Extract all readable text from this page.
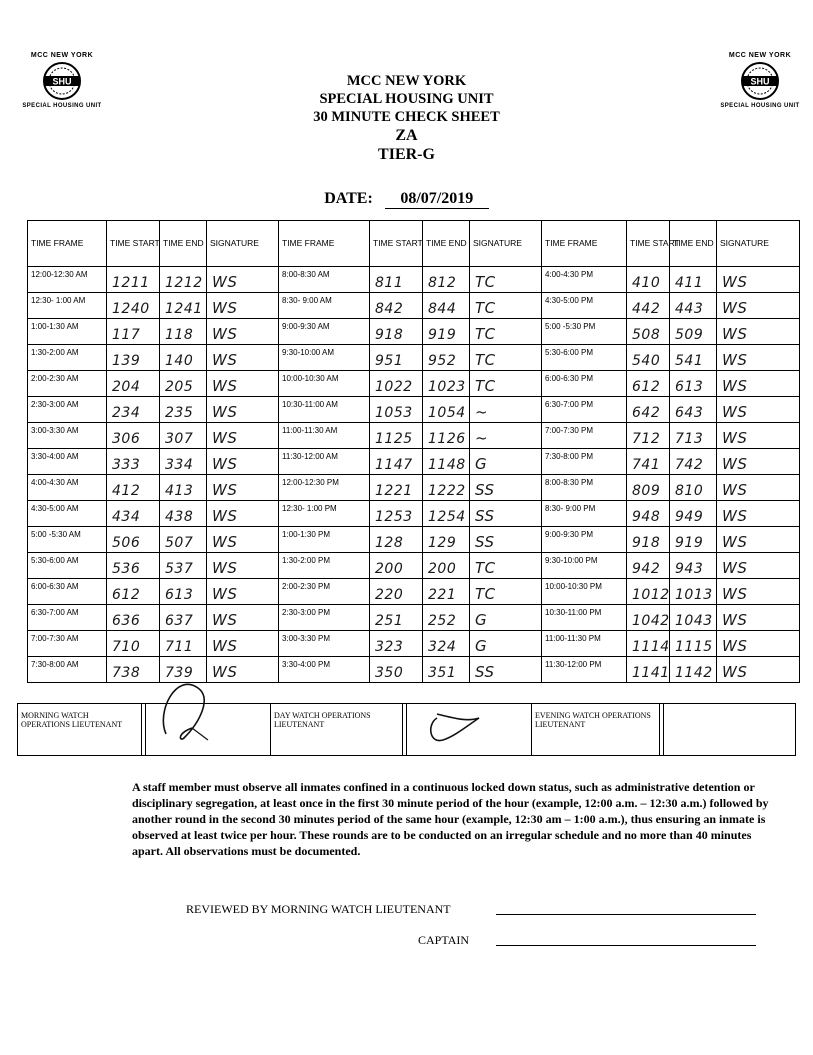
MCC NEW YORK
SHU
SPECIAL HOUSING UNIT
MCC NEW YORK
SHU
SPECIAL HOUSING UNIT
MCC NEW YORK
SPECIAL HOUSING UNIT
30 MINUTE CHECK SHEET
ZA
TIER-G
DATE: 08/07/2019
TIME FRAME	TIME START	TIME END	SIGNATURE	TIME FRAME	TIME START	TIME END	SIGNATURE	TIME FRAME	TIME START	TIME END	SIGNATURE
12:00-12:30 AM	1211	1212	WS	8:00-8:30 AM	811	812	TC	4:00-4:30 PM	410	411	WS
12:30- 1:00 AM	1240	1241	WS	8:30- 9:00 AM	842	844	TC	4:30-5:00 PM	442	443	WS
1:00-1:30 AM	117	118	WS	9:00-9:30 AM	918	919	TC	5:00 -5:30 PM	508	509	WS
1:30-2:00 AM	139	140	WS	9:30-10:00 AM	951	952	TC	5:30-6:00 PM	540	541	WS
2:00-2:30 AM	204	205	WS	10:00-10:30 AM	1022	1023	TC	6:00-6:30 PM	612	613	WS
2:30-3:00 AM	234	235	WS	10:30-11:00 AM	1053	1054	~	6:30-7:00 PM	642	643	WS
3:00-3:30 AM	306	307	WS	11:00-11:30 AM	1125	1126	~	7:00-7:30 PM	712	713	WS
3:30-4:00 AM	333	334	WS	11:30-12:00 AM	1147	1148	G	7:30-8:00 PM	741	742	WS
4:00-4:30 AM	412	413	WS	12:00-12:30 PM	1221	1222	SS	8:00-8:30 PM	809	810	WS
4:30-5:00 AM	434	438	WS	12:30- 1:00 PM	1253	1254	SS	8:30- 9:00 PM	948	949	WS
5:00 -5:30 AM	506	507	WS	1:00-1:30 PM	128	129	SS	9:00-9:30 PM	918	919	WS
5:30-6:00 AM	536	537	WS	1:30-2:00 PM	200	200	TC	9:30-10:00 PM	942	943	WS
6:00-6:30 AM	612	613	WS	2:00-2:30 PM	220	221	TC	10:00-10:30 PM	1012	1013	WS
6:30-7:00 AM	636	637	WS	2:30-3:00 PM	251	252	G	10:30-11:00 PM	1042	1043	WS
7:00-7:30 AM	710	711	WS	3:00-3:30 PM	323	324	G	11:00-11:30 PM	1114	1115	WS
7:30-8:00 AM	738	739	WS	3:30-4:00 PM	350	351	SS	11:30-12:00 PM	1141	1142	WS
MORNING WATCH OPERATIONS LIEUTENANT		
	DAY WATCH OPERATIONS LIEUTENANT		
	EVENING WATCH OPERATIONS LIEUTENANT		
A staff member must observe all inmates confined in a continuous locked down status, such as administrative detention or disciplinary segregation, at least once in the first 30 minute period of the hour (example, 12:00 a.m. – 12:30 a.m.) followed by another round in the second 30 minutes period of the same hour (example, 12:30 am – 1:00 a.m.), thus ensuring an inmate is observed at least twice per hour. These rounds are to be conducted on an irregular schedule and no more than 40 minutes apart. All observations must be documented.
REVIEWED BY MORNING WATCH LIEUTENANT
CAPTAIN
